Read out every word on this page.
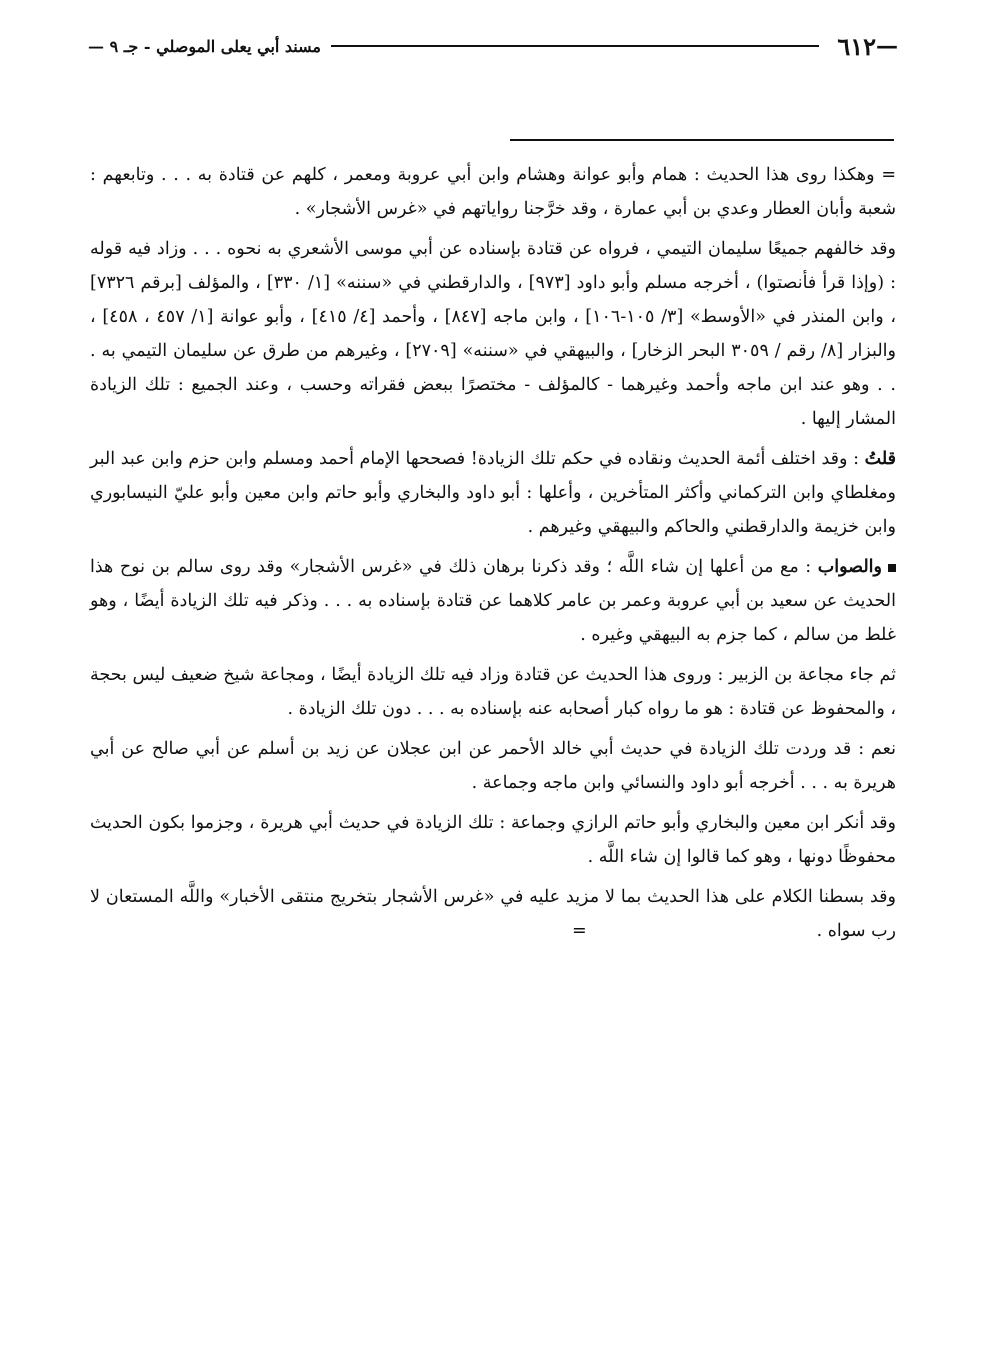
—
٦١٢
مسند أبي يعلى الموصلي - جـ ٩ —

= وهكذا روى هذا الحديث : همام وأبو عوانة وهشام وابن أبي عروبة ومعمر ، كلهم عن قتادة به . . . وتابعهم : شعبة وأبان العطار وعدي بن أبي عمارة ، وقد خرَّجنا رواياتهم في «غرس الأشجار» .

وقد خالفهم جميعًا سليمان التيمي ، فرواه عن قتادة بإسناده عن أبي موسى الأشعري به نحوه . . . وزاد فيه قوله : (وإذا قرأ فأنصتوا) ، أخرجه مسلم وأبو داود [٩٧٣] ، والدارقطني في «سننه» [١/ ٣٣٠] ، والمؤلف [برقم ٧٣٢٦] ، وابن المنذر في «الأوسط» [٣/ ١٠٥-١٠٦] ، وابن ماجه [٨٤٧] ، وأحمد [٤/ ٤١٥] ، وأبو عوانة [١/ ٤٥٧ ، ٤٥٨] ، والبزار [٨/ رقم / ٣٠٥٩ البحر الزخار] ، والبيهقي في «سننه» [٢٧٠٩] ، وغيرهم من طرق عن سليمان التيمي به . . . وهو عند ابن ماجه وأحمد وغيرهما - كالمؤلف - مختصرًا ببعض فقراته وحسب ، وعند الجميع : تلك الزيادة المشار إليها .

قلتُ : وقد اختلف أئمة الحديث ونقاده في حكم تلك الزيادة! فصححها الإمام أحمد ومسلم وابن حزم وابن عبد البر ومغلطاي وابن التركماني وأكثر المتأخرين ، وأعلها : أبو داود والبخاري وأبو حاتم وابن معين وأبو عليّ النيسابوري وابن خزيمة والدارقطني والحاكم والبيهقي وغيرهم .

والصواب : مع من أعلها إن شاء اللَّه ؛ وقد ذكرنا برهان ذلك في «غرس الأشجار» وقد روى سالم بن نوح هذا الحديث عن سعيد بن أبي عروبة وعمر بن عامر كلاهما عن قتادة بإسناده به . . . وذكر فيه تلك الزيادة أيضًا ، وهو غلط من سالم ، كما جزم به البيهقي وغيره .

ثم جاء مجاعة بن الزبير : وروى هذا الحديث عن قتادة وزاد فيه تلك الزيادة أيضًا ، ومجاعة شيخ ضعيف ليس بحجة ، والمحفوظ عن قتادة : هو ما رواه كبار أصحابه عنه بإسناده به . . . دون تلك الزيادة .

نعم : قد وردت تلك الزيادة في حديث أبي خالد الأحمر عن ابن عجلان عن زيد بن أسلم عن أبي صالح عن أبي هريرة به . . . أخرجه أبو داود والنسائي وابن ماجه وجماعة .

وقد أنكر ابن معين والبخاري وأبو حاتم الرازي وجماعة : تلك الزيادة في حديث أبي هريرة ، وجزموا بكون الحديث محفوظًا دونها ، وهو كما قالوا إن شاء اللَّه .

وقد بسطنا الكلام على هذا الحديث بما لا مزيد عليه في «غرس الأشجار بتخريج منتقى الأخبار» واللَّه المستعان لا رب سواه .=
